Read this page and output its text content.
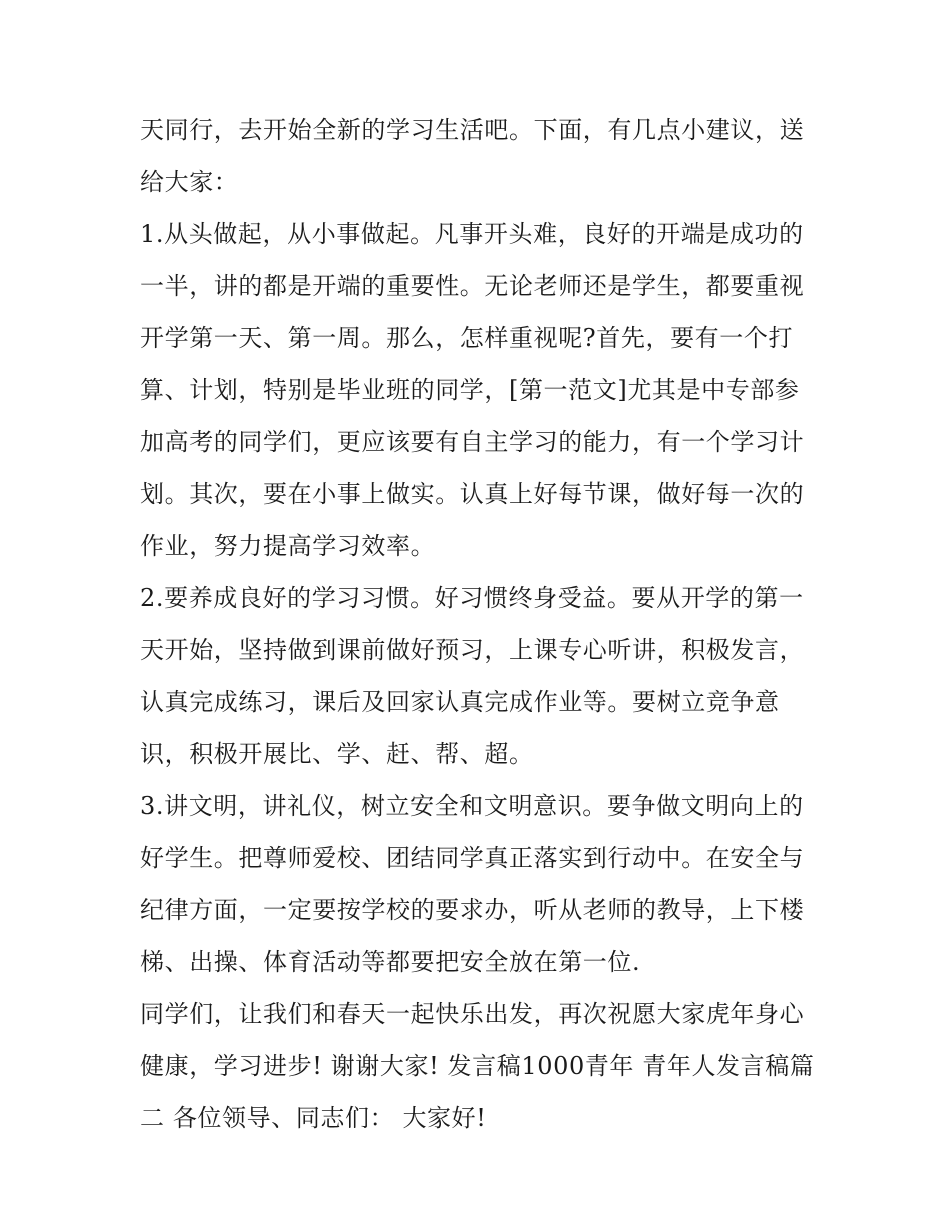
天同行，去开始全新的学习生活吧。下面，有几点小建议，送
给大家：
1.从头做起，从小事做起。凡事开头难，良好的开端是成功的
一半，讲的都是开端的重要性。无论老师还是学生，都要重视
开学第一天、第一周。那么，怎样重视呢?首先，要有一个打
算、计划，特别是毕业班的同学，[第一范文]尤其是中专部参
加高考的同学们，更应该要有自主学习的能力，有一个学习计
划。其次，要在小事上做实。认真上好每节课，做好每一次的
作业，努力提高学习效率。
2.要养成良好的学习习惯。好习惯终身受益。要从开学的第一
天开始，坚持做到课前做好预习，上课专心听讲，积极发言，
认真完成练习，课后及回家认真完成作业等。要树立竞争意
识，积极开展比、学、赶、帮、超。
3.讲文明，讲礼仪，树立安全和文明意识。要争做文明向上的
好学生。把尊师爱校、团结同学真正落实到行动中。在安全与
纪律方面，一定要按学校的要求办，听从老师的教导，上下楼
梯、出操、体育活动等都要把安全放在第一位.
同学们，让我们和春天一起快乐出发，再次祝愿大家虎年身心
健康，学习进步! 谢谢大家! 发言稿1000青年 青年人发言稿篇
二 各位领导、同志们： 大家好!
